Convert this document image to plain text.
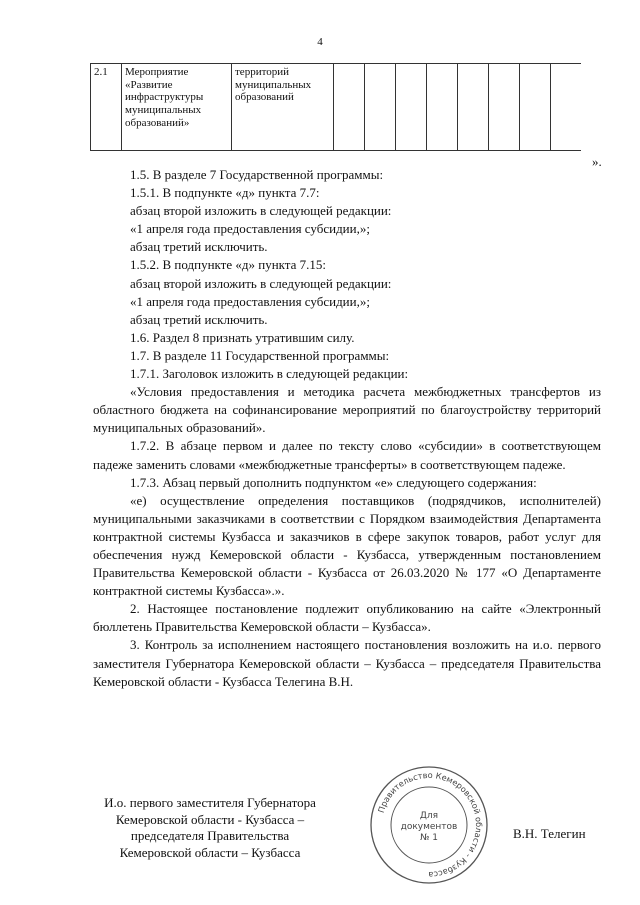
4
2.1	Мероприятие «Развитие инфраструктуры муниципальных образований»	территорий муниципальных образований								
».

1.5. В разделе 7 Государственной программы:

1.5.1. В подпункте «д» пункта 7.7:

абзац второй изложить в следующей редакции:

«1 апреля года предоставления субсидии,»;

абзац третий исключить.

1.5.2. В подпункте «д» пункта 7.15:

абзац второй изложить в следующей редакции:

«1 апреля года предоставления субсидии,»;

абзац третий исключить.

1.6. Раздел 8 признать утратившим силу.

1.7. В разделе 11 Государственной программы:

1.7.1. Заголовок изложить в следующей редакции:

«Условия предоставления и методика расчета межбюджетных трансфертов из областного бюджета на софинансирование мероприятий по благоустройству территорий муниципальных образований».

1.7.2. В абзаце первом и далее по тексту слово «субсидии» в соответствующем падеже заменить словами «межбюджетные трансферты» в соответствующем падеже.

1.7.3. Абзац первый дополнить подпунктом «е» следующего содержания:

«е) осуществление определения поставщиков (подрядчиков, исполнителей) муниципальными заказчиками в соответствии с Порядком взаимодействия Департамента контрактной системы Кузбасса и заказчиков в сфере закупок товаров, работ услуг для обеспечения нужд Кемеровской области - Кузбасса, утвержденным постановлением Правительства Кемеровской области - Кузбасса от 26.03.2020 № 177 «О Департаменте контрактной системы Кузбасса».».

2. Настоящее постановление подлежит опубликованию на сайте «Электронный бюллетень Правительства Кемеровской области – Кузбасса».

3. Контроль за исполнением настоящего постановления возложить на и.о. первого заместителя Губернатора Кемеровской области – Кузбасса – председателя Правительства Кемеровской области - Кузбасса Телегина В.Н.

И.о. первого заместителя Губернатора
Кемеровской области - Кузбасса –
председателя Правительства
Кемеровской области – Кузбасса
Правительство Кемеровской области - Кузбасса
Для
документов
№ 1	В.Н. Телегин
